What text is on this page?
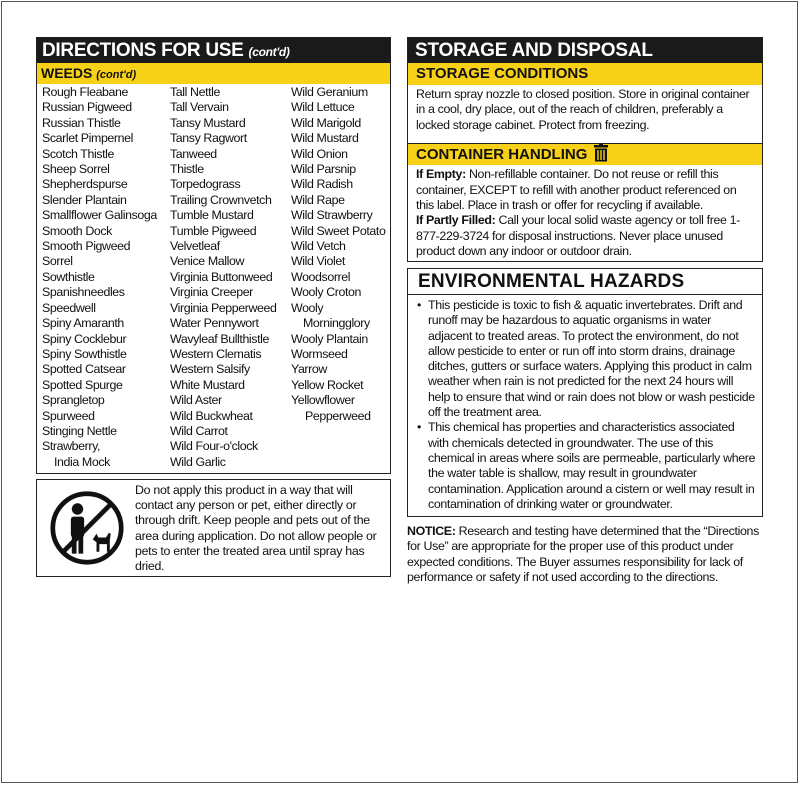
DIRECTIONS FOR USE (cont'd)
WEEDS (cont'd)
Rough Fleabane
Russian Pigweed
Russian Thistle
Scarlet Pimpernel
Scotch Thistle
Sheep Sorrel
Shepherdspurse
Slender Plantain
Smallflower Galinsoga
Smooth Dock
Smooth Pigweed
Sorrel
Sowthistle
Spanishneedles
Speedwell
Spiny Amaranth
Spiny Cocklebur
Spiny Sowthistle
Spotted Catsear
Spotted Spurge
Sprangletop
Spurweed
Stinging Nettle
Strawberry,
India Mock
Tall Nettle
Tall Vervain
Tansy Mustard
Tansy Ragwort
Tanweed
Thistle
Torpedograss
Trailing Crownvetch
Tumble Mustard
Tumble Pigweed
Velvetleaf
Venice Mallow
Virginia Buttonweed
Virginia Creeper
Virginia Pepperweed
Water Pennywort
Wavyleaf Bullthistle
Western Clematis
Western Salsify
White Mustard
Wild Aster
Wild Buckwheat
Wild Carrot
Wild Four-o'clock
Wild Garlic
Wild Geranium
Wild Lettuce
Wild Marigold
Wild Mustard
Wild Onion
Wild Parsnip
Wild Radish
Wild Rape
Wild Strawberry
Wild Sweet Potato
Wild Vetch
Wild Violet
Woodsorrel
Wooly Croton
Wooly
Morningglory
Wooly Plantain
Wormseed
Yarrow
Yellow Rocket
Yellowflower
Pepperweed
Do not apply this product in a way that will contact any person or pet, either directly or through drift. Keep people and pets out of the area during application. Do not allow people or pets to enter the treated area until spray has dried.
STORAGE AND DISPOSAL
STORAGE CONDITIONS
Return spray nozzle to closed position. Store in original container in a cool, dry place, out of the reach of children, preferably a locked storage cabinet. Protect from freezing.
CONTAINER HANDLING
If Empty: Non-refillable container. Do not reuse or refill this container, EXCEPT to refill with another product referenced on this label. Place in trash or offer for recycling if available.
If Partly Filled: Call your local solid waste agency or toll free 1-877-229-3724 for disposal instructions. Never place unused product down any indoor or outdoor drain.
ENVIRONMENTAL HAZARDS
• This pesticide is toxic to fish & aquatic invertebrates. Drift and runoff may be hazardous to aquatic organisms in water adjacent to treated areas. To protect the environment, do not allow pesticide to enter or run off into storm drains, drainage ditches, gutters or surface waters. Applying this product in calm weather when rain is not predicted for the next 24 hours will help to ensure that wind or rain does not blow or wash pesticide off the treatment area.
• This chemical has properties and characteristics associated with chemicals detected in groundwater. The use of this chemical in areas where soils are permeable, particularly where the water table is shallow, may result in groundwater contamination. Application around a cistern or well may result in contamination of drinking water or groundwater.
NOTICE: Research and testing have determined that the “Directions for Use” are appropriate for the proper use of this product under expected conditions. The Buyer assumes responsibility for lack of performance or safety if not used according to the directions.
